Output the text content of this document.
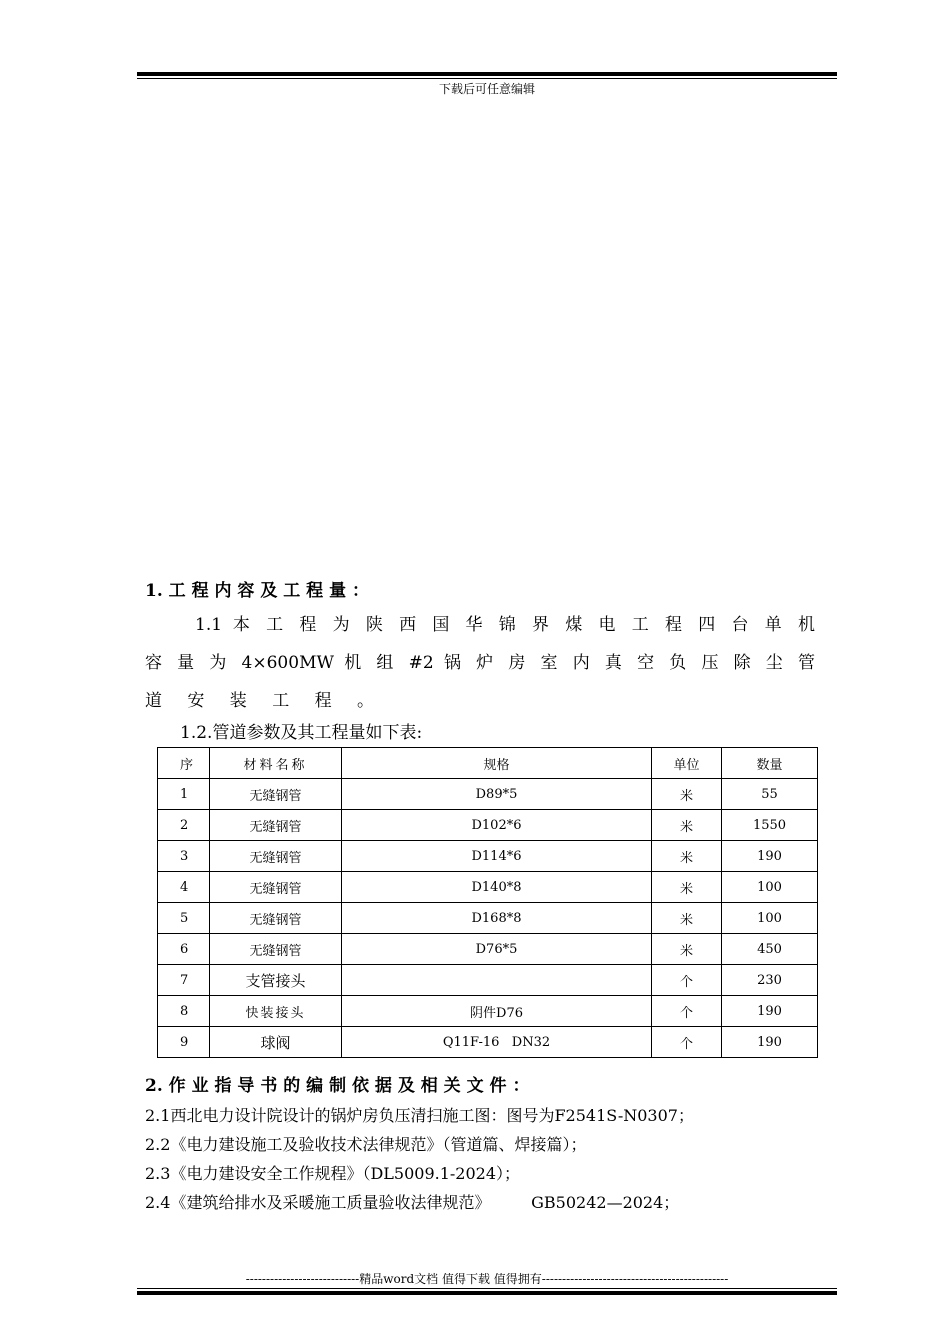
下载后可任意编辑
1. 工 程 内 容 及 工 程 量 ：
1.1 本 工 程 为 陕 西 国 华 锦 界 煤 电 工 程 四 台 单 机
容 量 为 4×600MW 机 组 #2 锅 炉 房 室 内 真 空 负 压 除 尘 管
道 安 装 工 程 。
1.2.管道参数及其工程量如下表:
序	材料名称	规格	单位	数量
1	无缝钢管	D89*5	米	55
2	无缝钢管	D102*6	米	1550
3	无缝钢管	D114*6	米	190
4	无缝钢管	D140*8	米	100
5	无缝钢管	D168*8	米	100
6	无缝钢管	D76*5	米	450
7	支管接头		个	230
8	快装接头	阴件D76	个	190
9	球阀	Q11F-16   DN32	个	190
2. 作 业 指 导 书 的 编 制 依 据 及 相 关 文 件 ：
2.1西北电力设计院设计的锅炉房负压清扫施工图：图号为F2541S-N0307；
2.2《电力建设施工及验收技术法律规范》（管道篇、焊接篇）；
2.3《电力建设安全工作规程》（DL5009.1-2024）；
2.4《建筑给排水及采暖施工质量验收法律规范》        GB50242—2024；
----------------------------精品word文档 值得下载 值得拥有----------------------------------------------
